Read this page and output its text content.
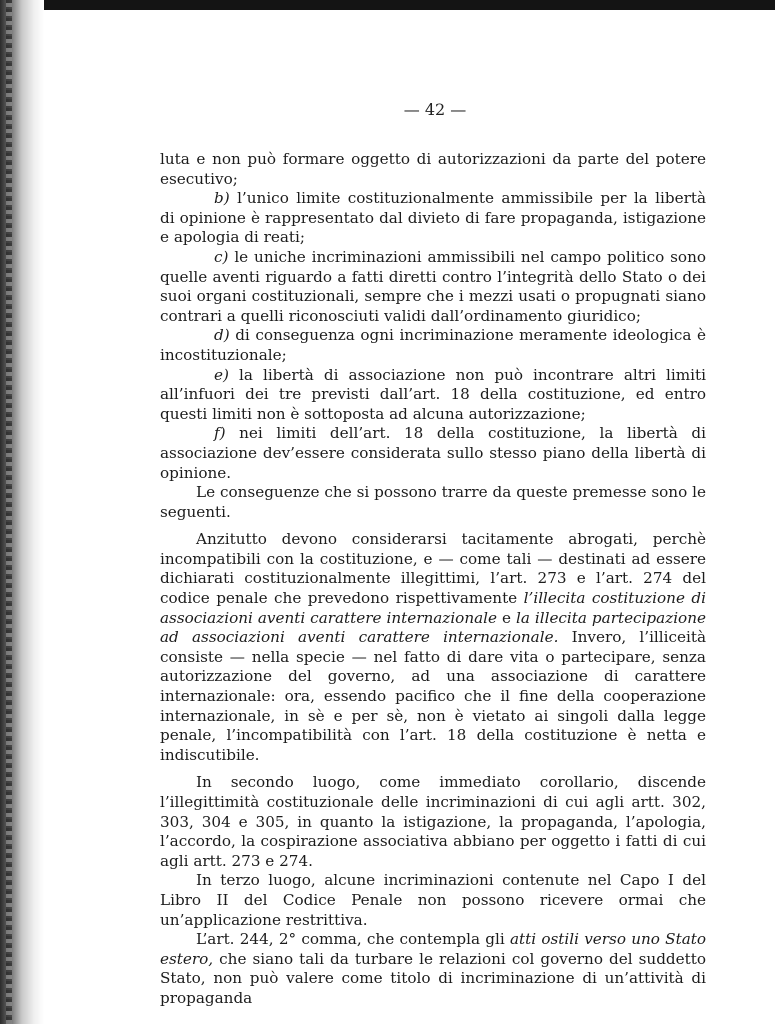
— 42 —

luta e non può formare oggetto di autorizzazioni da parte del potere esecutivo;

b) l’unico limite costituzionalmente ammissibile per la libertà di opinione è rappresentato dal divieto di fare propaganda, istigazione e apologia di reati;

c) le uniche incriminazioni ammissibili nel campo politico sono quelle aventi riguardo a fatti diretti contro l’integrità dello Stato o dei suoi organi costituzionali, sempre che i mezzi usati o propugnati siano contrari a quelli riconosciuti validi dall’ordinamento giuridico;

d) di conseguenza ogni incriminazione meramente ideologica è incostituzionale;

e) la libertà di associazione non può incontrare altri limiti all’infuori dei tre previsti dall’art. 18 della costituzione, ed entro questi limiti non è sottoposta ad alcuna autorizzazione;

f) nei limiti dell’art. 18 della costituzione, la libertà di associazione dev’essere considerata sullo stesso piano della libertà di opinione.

Le conseguenze che si possono trarre da queste premesse sono le seguenti.

Anzitutto devono considerarsi tacitamente abrogati, perchè incompatibili con la costituzione, e — come tali — destinati ad essere dichiarati costituzionalmente illegittimi, l’art. 273 e l’art. 274 del codice penale che prevedono rispettivamente l’illecita costituzione di associazioni aventi carattere internazionale e la illecita partecipazione ad associazioni aventi carattere internazionale. Invero, l’illiceità consiste — nella specie — nel fatto di dare vita o partecipare, senza autorizzazione del governo, ad una associazione di carattere internazionale: ora, essendo pacifico che il fine della cooperazione internazionale, in sè e per sè, non è vietato ai singoli dalla legge penale, l’incompatibilità con l’art. 18 della costituzione è netta e indiscutibile.

In secondo luogo, come immediato corollario, discende l’illegittimità costituzionale delle incriminazioni di cui agli artt. 302, 303, 304 e 305, in quanto la istigazione, la propaganda, l’apologia, l’accordo, la cospirazione associativa abbiano per oggetto i fatti di cui agli artt. 273 e 274.

In terzo luogo, alcune incriminazioni contenute nel Capo I del Libro II del Codice Penale non possono ricevere ormai che un’applicazione restrittiva.

L’art. 244, 2° comma, che contempla gli atti ostili verso uno Stato estero, che siano tali da turbare le relazioni col governo del suddetto Stato, non può valere come titolo di incriminazione di un’attività di propaganda
